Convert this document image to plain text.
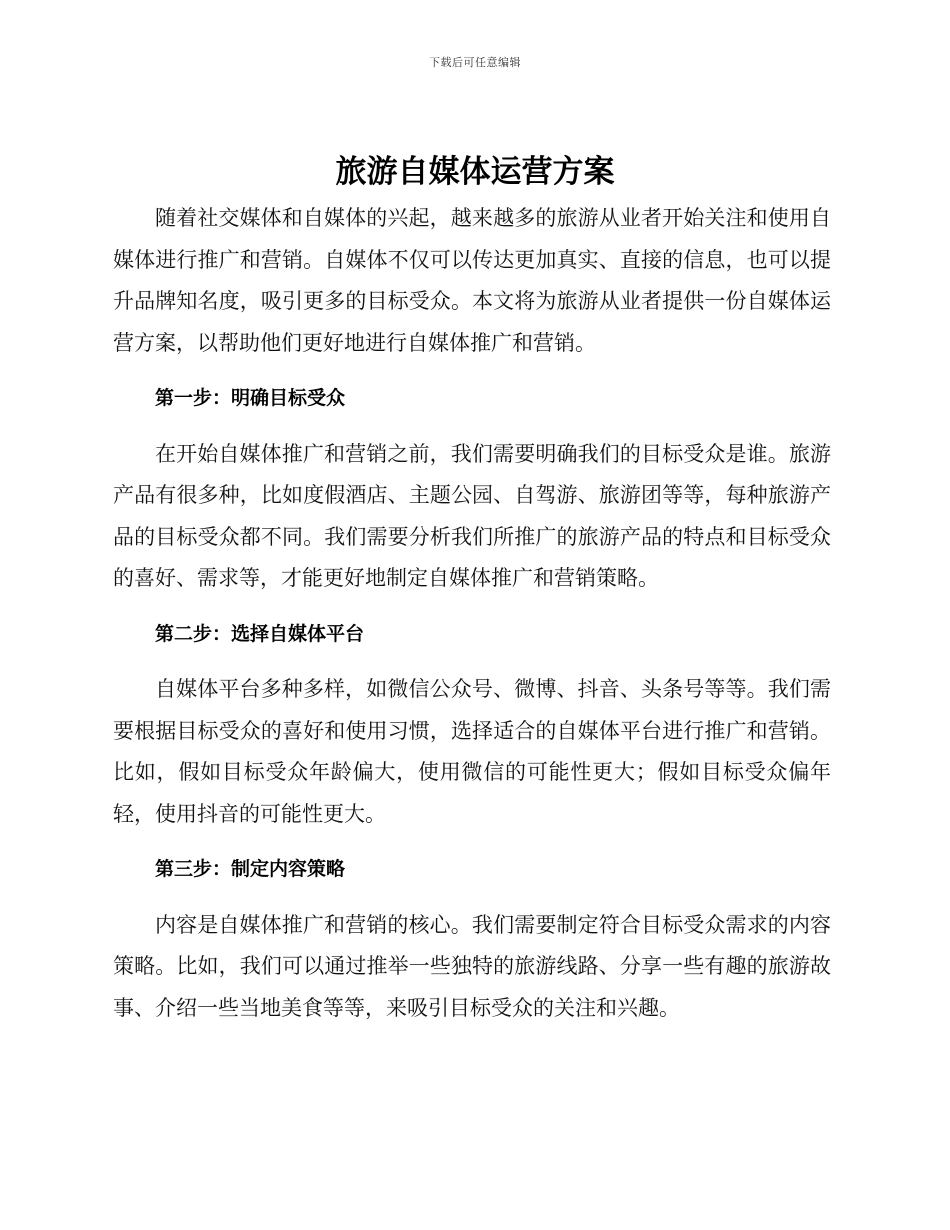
下载后可任意编辑
旅游自媒体运营方案

随着社交媒体和自媒体的兴起，越来越多的旅游从业者开始关注和使用自媒体进行推广和营销。自媒体不仅可以传达更加真实、直接的信息，也可以提升品牌知名度，吸引更多的目标受众。本文将为旅游从业者提供一份自媒体运营方案，以帮助他们更好地进行自媒体推广和营销。

第一步：明确目标受众

在开始自媒体推广和营销之前，我们需要明确我们的目标受众是谁。旅游产品有很多种，比如度假酒店、主题公园、自驾游、旅游团等等，每种旅游产品的目标受众都不同。我们需要分析我们所推广的旅游产品的特点和目标受众的喜好、需求等，才能更好地制定自媒体推广和营销策略。

第二步：选择自媒体平台

自媒体平台多种多样，如微信公众号、微博、抖音、头条号等等。我们需要根据目标受众的喜好和使用习惯，选择适合的自媒体平台进行推广和营销。比如，假如目标受众年龄偏大，使用微信的可能性更大；假如目标受众偏年轻，使用抖音的可能性更大。

第三步：制定内容策略

内容是自媒体推广和营销的核心。我们需要制定符合目标受众需求的内容策略。比如，我们可以通过推举一些独特的旅游线路、分享一些有趣的旅游故事、介绍一些当地美食等等，来吸引目标受众的关注和兴趣。
